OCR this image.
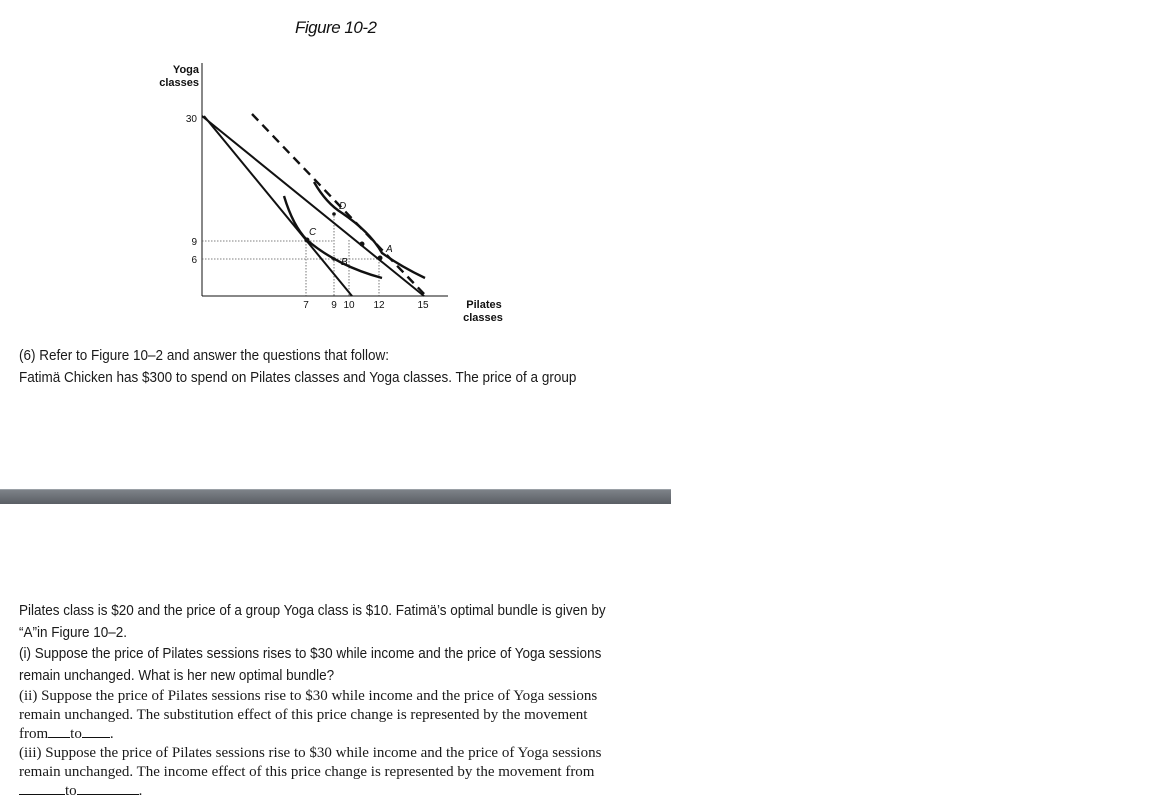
Figure 10-2
Yoga
classes
Pilates
classes
30
9
6
7 9 10 12	15
A
B
C
D
(6) Refer to Figure 10–2 and answer the questions that follow:
Fatimä Chicken has $300 to spend on Pilates classes and Yoga classes. The price of a group
Pilates class is $20 and the price of a group Yoga class is $10. Fatimä’s optimal bundle is given by
“A”in Figure 10–2.
(i) Suppose the price of Pilates sessions rises to $30 while income and the price of Yoga sessions
remain unchanged. What is her new optimal bundle?

(ii) Suppose the price of Pilates sessions rise to $30 while income and the price of Yoga sessions

remain unchanged. The substitution effect of this price change is represented by the movement

from to .

(iii) Suppose the price of Pilates sessions rise to $30 while income and the price of Yoga sessions

remain unchanged. The income effect of this price change is represented by the movement from

to	.
